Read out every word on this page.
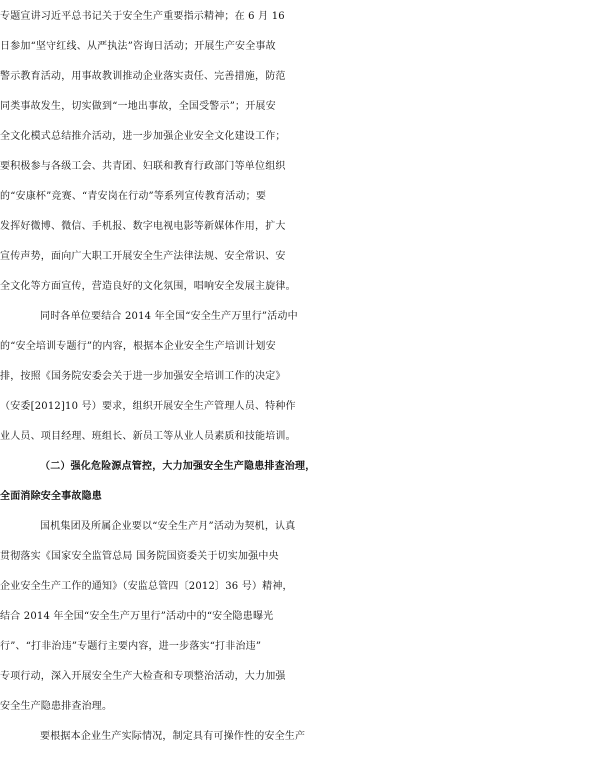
专题宣讲习近平总书记关于安全生产重要指示精神；在 6 月 16
日参加“坚守红线、从严执法”咨询日活动；开展生产安全事故
警示教育活动，用事故教训推动企业落实责任、完善措施，防范
同类事故发生，切实做到“一地出事故，全国受警示”；开展安
全文化模式总结推介活动，进一步加强企业安全文化建设工作；
要积极参与各级工会、共青团、妇联和教育行政部门等单位组织
的“安康杯”竞赛、“青安岗在行动”等系列宣传教育活动；要
发挥好微博、微信、手机报、数字电视电影等新媒体作用，扩大
宣传声势，面向广大职工开展安全生产法律法规、安全常识、安
全文化等方面宣传，营造良好的文化氛围，唱响安全发展主旋律。
同时各单位要结合 2014 年全国“安全生产万里行”活动中
的“安全培训专题行”的内容，根据本企业安全生产培训计划安
排，按照《国务院安委会关于进一步加强安全培训工作的决定》
（安委[2012]10 号）要求，组织开展安全生产管理人员、特种作
业人员、项目经理、班组长、新员工等从业人员素质和技能培训。
（二）强化危险源点管控，大力加强安全生产隐患排查治理，
全面消除安全事故隐患
国机集团及所属企业要以“安全生产月”活动为契机，认真
贯彻落实《国家安全监管总局 国务院国资委关于切实加强中央
企业安全生产工作的通知》（安监总管四〔2012〕36 号）精神，
结合 2014 年全国“安全生产万里行”活动中的“安全隐患曝光
行”、“打非治违”专题行主要内容，进一步落实“打非治违”
专项行动，深入开展安全生产大检查和专项整治活动，大力加强
安全生产隐患排查治理。
要根据本企业生产实际情况，制定具有可操作性的安全生产
